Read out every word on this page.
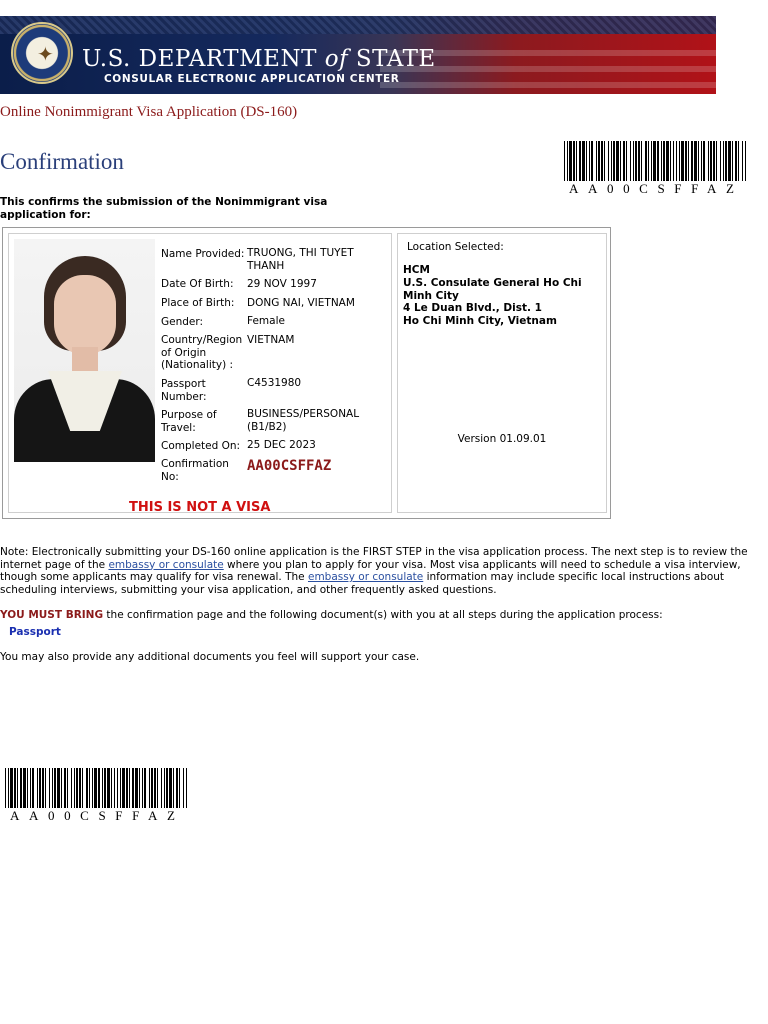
✦ U.S. DEPARTMENT of STATE
CONSULAR ELECTRONIC APPLICATION CENTER
Online Nonimmigrant Visa Application (DS-160)
Confirmation
AA00CSFFAZ
This confirms the submission of the Nonimmigrant visa application for:
Name Provided: TRUONG, THI TUYET THANH
Date Of Birth:	29 NOV 1997
Place of Birth:	DONG NAI, VIETNAM
Gender:	Female
Country/Region of Origin (Nationality) :
VIETNAM
Passport Number:
C4531980
Purpose of Travel:
BUSINESS/PERSONAL (B1/B2)
Completed On: 25 DEC 2023
Confirmation No:
AA00CSFFAZ
THIS IS NOT A VISA
Location Selected:
HCM
U.S. Consulate General Ho Chi Minh City
4 Le Duan Blvd., Dist. 1
Ho Chi Minh City, Vietnam
Version 01.09.01
Note: Electronically submitting your DS-160 online application is the FIRST STEP in the visa application process. The next step is to review the internet page of the embassy or consulate where you plan to apply for your visa. Most visa applicants will need to schedule a visa interview, though some applicants may qualify for visa renewal. The embassy or consulate information may include specific local instructions about scheduling interviews, submitting your visa application, and other frequently asked questions.
YOU MUST BRING the confirmation page and the following document(s) with you at all steps during the application process:
Passport
You may also provide any additional documents you feel will support your case.
AA00CSFFAZ
